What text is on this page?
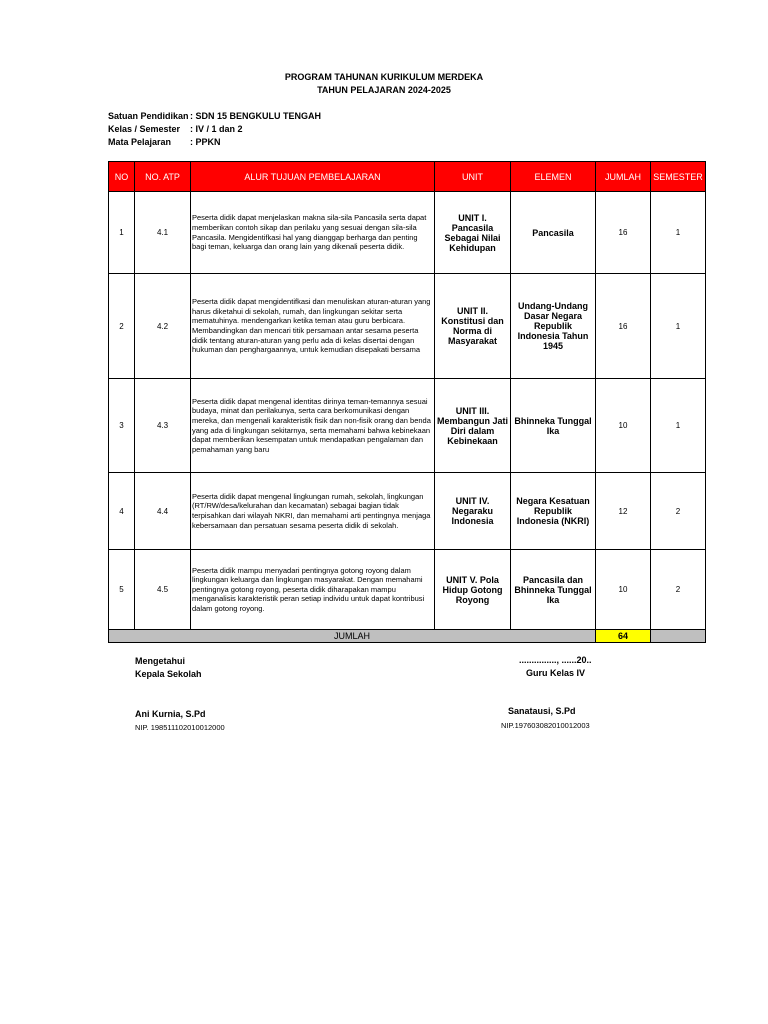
PROGRAM TAHUNAN KURIKULUM MERDEKA
TAHUN PELAJARAN 2024-2025
Satuan Pendidikan: SDN 15 BENGKULU TENGAH
Kelas / Semester : IV / 1 dan 2
Mata Pelajaran : PPKN
NO	NO. ATP	ALUR TUJUAN PEMBELAJARAN	UNIT	ELEMEN	JUMLAH	SEMESTER
1	4.1	Peserta didik dapat menjelaskan makna sila-sila Pancasila serta dapat memberikan contoh sikap dan perilaku yang sesuai dengan sila-sila Pancasila. Mengidentifkasi hal yang dianggap berharga dan penting bagi teman, keluarga dan orang lain yang dikenali peserta didik.	UNIT I. Pancasila Sebagai Nilai Kehidupan	Pancasila	16	1
2	4.2	Peserta didik dapat mengidentifkasi dan menuliskan aturan-aturan yang harus diketahui di sekolah, rumah, dan lingkungan sekitar serta mematuhinya. mendengarkan ketika teman atau guru berbicara. Membandingkan dan mencari titik persamaan antar sesama peserta didik tentang aturan-aturan yang perlu ada di kelas disertai dengan hukuman dan penghargaannya, untuk kemudian disepakati bersama	UNIT II. Konstitusi dan Norma di Masyarakat	Undang-Undang Dasar Negara Republik Indonesia Tahun 1945	16	1
3	4.3	Peserta didik dapat mengenal identitas dirinya teman-temannya sesuai budaya, minat dan perilakunya, serta cara berkomunikasi dengan mereka, dan mengenali karakteristik fisik dan non-fisik orang dan benda yang ada di lingkungan sekitarnya, serta memahami bahwa kebinekaan dapat memberikan kesempatan untuk mendapatkan pengalaman dan pemahaman yang baru	UNIT III. Membangun Jati Diri dalam Kebinekaan	Bhinneka Tunggal Ika	10	1
4	4.4	Peserta didik dapat mengenal lingkungan rumah, sekolah, lingkungan (RT/RW/desa/kelurahan dan kecamatan) sebagai bagian tidak terpisahkan dari wilayah NKRI, dan memahami arti pentingnya menjaga kebersamaan dan persatuan sesama peserta didik di sekolah.	UNIT IV. Negaraku Indonesia	Negara Kesatuan Republik Indonesia (NKRI)	12	2
5	4.5	Peserta didik mampu menyadari pentingnya gotong royong dalam lingkungan keluarga dan lingkungan masyarakat. Dengan memahami pentingnya gotong royong, peserta didik diharapakan mampu menganalisis karakteristik peran setiap individu untuk dapat kontribusi dalam gotong royong.	UNIT V. Pola Hidup Gotong Royong	Pancasila dan Bhinneka Tunggal Ika	10	2
JUMLAH					64	
Mengetahui
Kepala Sekolah
Ani Kurnia, S.Pd
NIP. 198511102010012000
..............., ......20..
Guru Kelas IV
Sanatausi, S.Pd
NIP.197603082010012003
